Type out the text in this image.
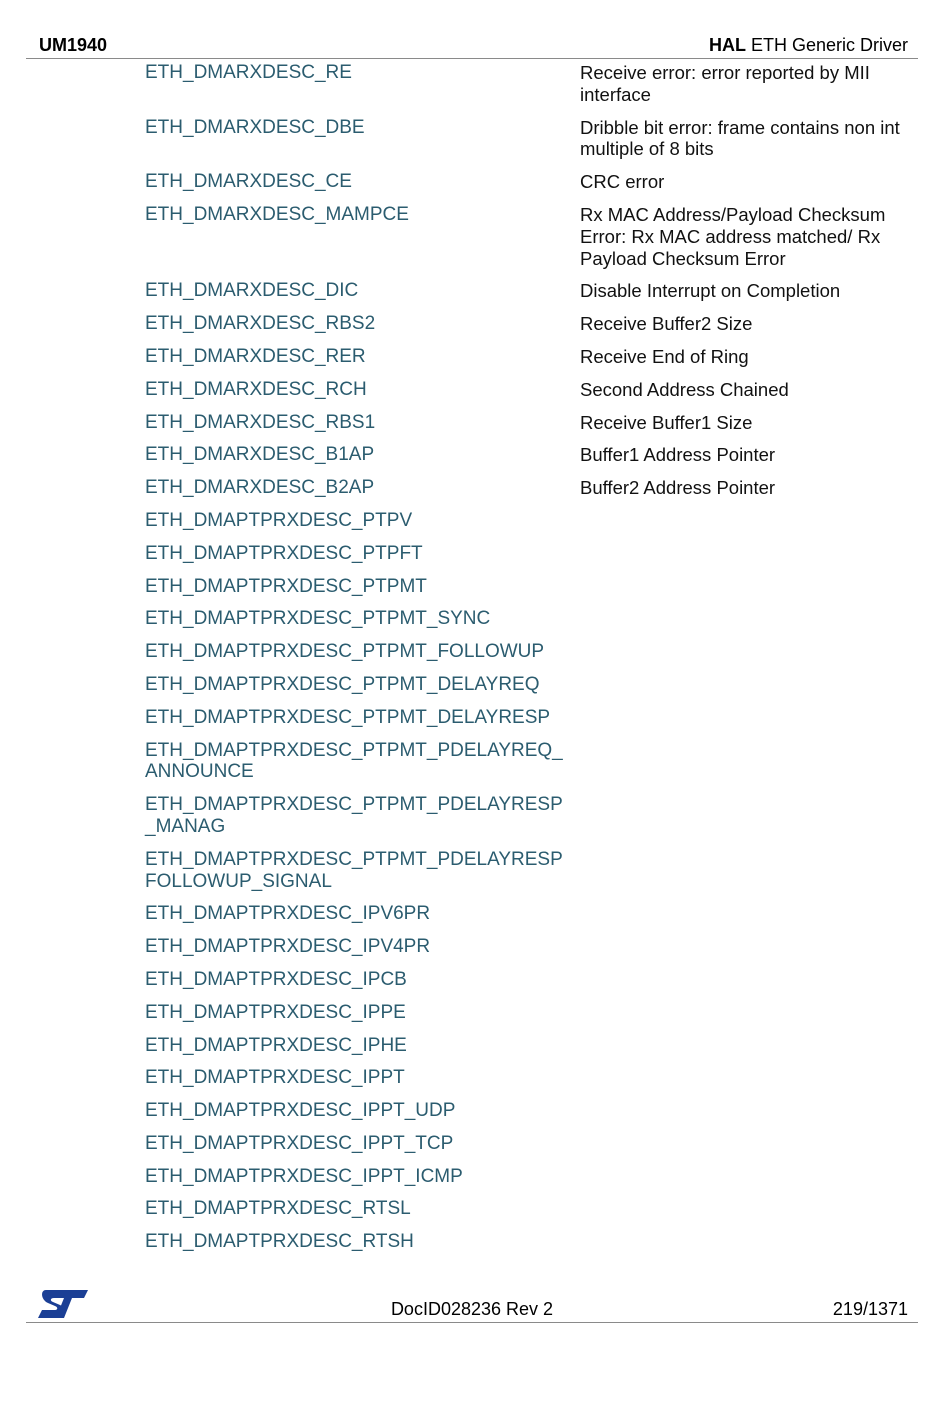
UM1940	HAL ETH Generic Driver
ETH_DMARXDESC_RE	Receive error: error reported by MII interface
ETH_DMARXDESC_DBE	Dribble bit error: frame contains non int multiple of 8 bits
ETH_DMARXDESC_CE	CRC error
ETH_DMARXDESC_MAMPCE	Rx MAC Address/Payload Checksum Error: Rx MAC address matched/ Rx Payload Checksum Error
ETH_DMARXDESC_DIC	Disable Interrupt on Completion
ETH_DMARXDESC_RBS2	Receive Buffer2 Size
ETH_DMARXDESC_RER	Receive End of Ring
ETH_DMARXDESC_RCH	Second Address Chained
ETH_DMARXDESC_RBS1	Receive Buffer1 Size
ETH_DMARXDESC_B1AP	Buffer1 Address Pointer
ETH_DMARXDESC_B2AP	Buffer2 Address Pointer
ETH_DMAPTPRXDESC_PTPV
ETH_DMAPTPRXDESC_PTPFT
ETH_DMAPTPRXDESC_PTPMT
ETH_DMAPTPRXDESC_PTPMT_SYNC
ETH_DMAPTPRXDESC_PTPMT_FOLLOWUP
ETH_DMAPTPRXDESC_PTPMT_DELAYREQ
ETH_DMAPTPRXDESC_PTPMT_DELAYRESP
ETH_DMAPTPRXDESC_PTPMT_PDELAYREQ_ANNOUNCE
ETH_DMAPTPRXDESC_PTPMT_PDELAYRESP_MANAG
ETH_DMAPTPRXDESC_PTPMT_PDELAYRESPFOLLOWUP_SIGNAL
ETH_DMAPTPRXDESC_IPV6PR
ETH_DMAPTPRXDESC_IPV4PR
ETH_DMAPTPRXDESC_IPCB
ETH_DMAPTPRXDESC_IPPE
ETH_DMAPTPRXDESC_IPHE
ETH_DMAPTPRXDESC_IPPT
ETH_DMAPTPRXDESC_IPPT_UDP
ETH_DMAPTPRXDESC_IPPT_TCP
ETH_DMAPTPRXDESC_IPPT_ICMP
ETH_DMAPTPRXDESC_RTSL
ETH_DMAPTPRXDESC_RTSH
DocID028236 Rev 2	219/1371
